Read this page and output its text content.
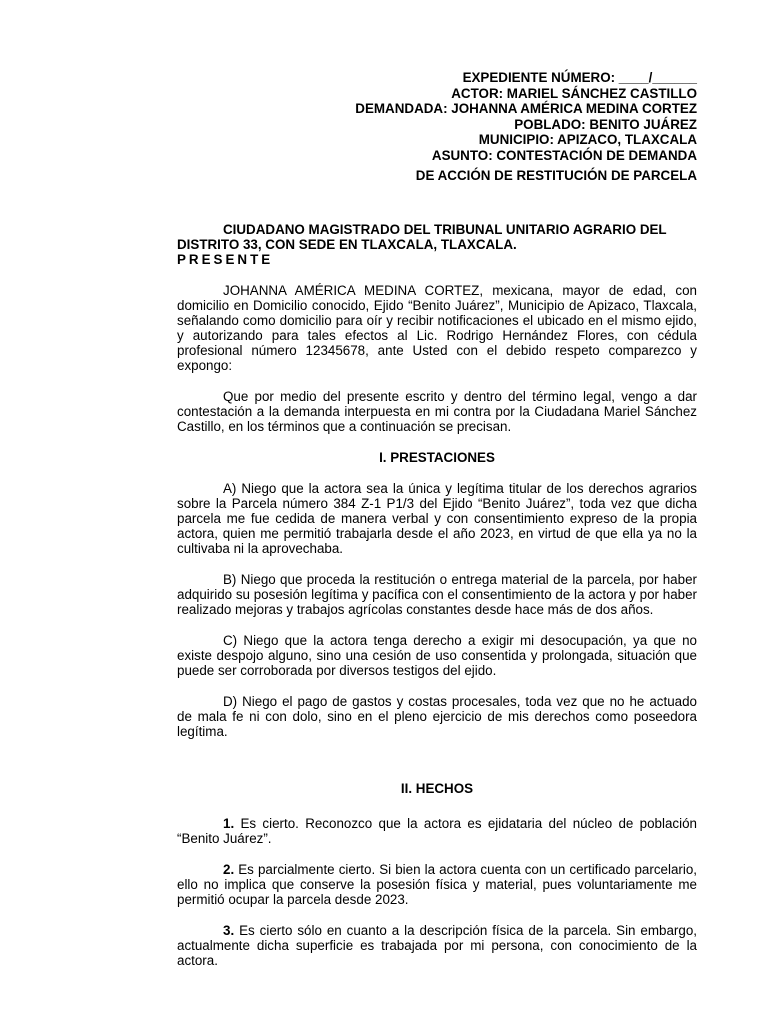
EXPEDIENTE NÚMERO: ____/______
ACTOR: MARIEL SÁNCHEZ CASTILLO
DEMANDADA: JOHANNA AMÉRICA MEDINA CORTEZ
POBLADO: BENITO JUÁREZ
MUNICIPIO: APIZACO, TLAXCALA
ASUNTO: CONTESTACIÓN DE DEMANDA
DE ACCIÓN DE RESTITUCIÓN DE PARCELA
CIUDADANO MAGISTRADO DEL TRIBUNAL UNITARIO AGRARIO DEL DISTRITO 33, CON SEDE EN TLAXCALA, TLAXCALA.
PRESENTE

JOHANNA AMÉRICA MEDINA CORTEZ, mexicana, mayor de edad, con domicilio en Domicilio conocido, Ejido “Benito Juárez”, Municipio de Apizaco, Tlaxcala, señalando como domicilio para oír y recibir notificaciones el ubicado en el mismo ejido, y autorizando para tales efectos al Lic. Rodrigo Hernández Flores, con cédula profesional número 12345678, ante Usted con el debido respeto comparezco y expongo:

Que por medio del presente escrito y dentro del término legal, vengo a dar contestación a la demanda interpuesta en mi contra por la Ciudadana Mariel Sánchez Castillo, en los términos que a continuación se precisan.

I. PRESTACIONES

A) Niego que la actora sea la única y legítima titular de los derechos agrarios sobre la Parcela número 384 Z-1 P1/3 del Ejido “Benito Juárez”, toda vez que dicha parcela me fue cedida de manera verbal y con consentimiento expreso de la propia actora, quien me permitió trabajarla desde el año 2023, en virtud de que ella ya no la cultivaba ni la aprovechaba.

B) Niego que proceda la restitución o entrega material de la parcela, por haber adquirido su posesión legítima y pacífica con el consentimiento de la actora y por haber realizado mejoras y trabajos agrícolas constantes desde hace más de dos años.

C) Niego que la actora tenga derecho a exigir mi desocupación, ya que no existe despojo alguno, sino una cesión de uso consentida y prolongada, situación que puede ser corroborada por diversos testigos del ejido.

D) Niego el pago de gastos y costas procesales, toda vez que no he actuado de mala fe ni con dolo, sino en el pleno ejercicio de mis derechos como poseedora legítima.

II. HECHOS

1. Es cierto. Reconozco que la actora es ejidataria del núcleo de población “Benito Juárez”.

2. Es parcialmente cierto. Si bien la actora cuenta con un certificado parcelario, ello no implica que conserve la posesión física y material, pues voluntariamente me permitió ocupar la parcela desde 2023.

3. Es cierto sólo en cuanto a la descripción física de la parcela. Sin embargo, actualmente dicha superficie es trabajada por mi persona, con conocimiento de la actora.
